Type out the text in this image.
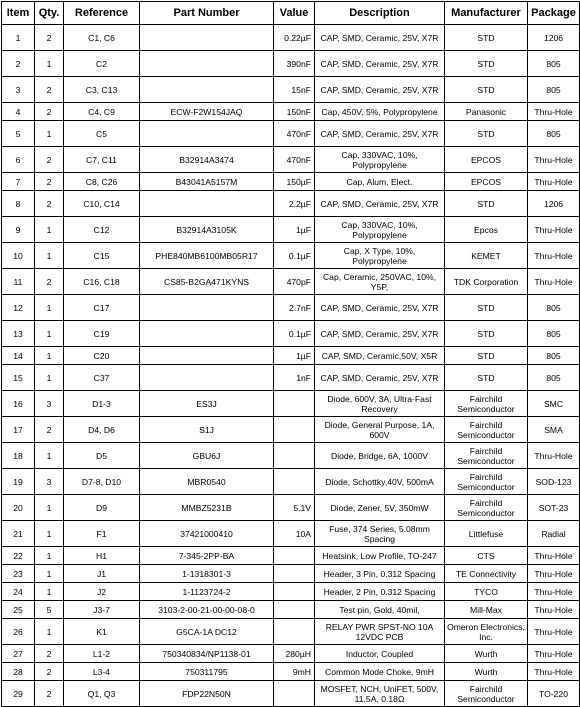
Item	Qty.	Reference	Part Number	Value	Description	Manufacturer	Package
1	2	C1, C6		0.22µF	CAP, SMD, Ceramic, 25V, X7R	STD	1206
2	1	C2		390nF	CAP, SMD, Ceramic, 25V, X7R	STD	805
3	2	C3, C13		15nF	CAP, SMD, Ceramic, 25V, X7R	STD	805
4	2	C4, C9	ECW-F2W154JAQ	150nF	Cap, 450V, 5%, Polypropylene	Panasonic	Thru-Hole
5	1	C5		470nF	CAP, SMD, Ceramic, 25V, X7R	STD	805
6	2	C7, C11	B32914A3474	470nF	Cap, 330VAC, 10%, Polypropylene	EPCOS	Thru-Hole
7	2	C8, C26	B43041A5157M	150µF	Cap, Alum, Elect.	EPCOS	Thru-Hole
8	2	C10, C14		2.2µF	CAP, SMD, Ceramic, 25V, X7R	STD	1206
9	1	C12	B32914A3105K	1µF	Cap, 330VAC, 10%, Polypropylene	Epcos	Thru-Hole
10	1	C15	PHE840MB6100MB05R17	0.1µF	Cap, X Type, 10%, Polypropylene	KEMET	Thru-Hole
11	2	C16, C18	CS85-B2GA471KYNS	470pF	Cap, Ceramic, 250VAC, 10%, Y5P,	TDK Corporation	Thru-Hole
12	1	C17		2.7nF	CAP, SMD, Ceramic, 25V, X7R	STD	805
13	1	C19		0.1µF	CAP, SMD, Ceramic, 25V, X7R	STD	805
14	1	C20		1µF	CAP, SMD, Ceramic,50V, X5R	STD	805
15	1	C37		1nF	CAP, SMD, Ceramic, 25V, X7R	STD	805
16	3	D1-3	ES3J		Diode, 600V, 3A, Ultra-Fast Recovery	Fairchild Semiconductor	SMC
17	2	D4, D6	S1J		Diode, General Purpose, 1A, 600V	Fairchild Semiconductor	SMA
18	1	D5	GBU6J		Diode, Bridge, 6A, 1000V	Fairchild Semiconductor	Thru-Hole
19	3	D7-8, D10	MBR0540		Diode, Schottky,40V, 500mA	Fairchild Semiconductor	SOD-123
20	1	D9	MMBZ5231B	5.1V	Diode, Zener, 5V, 350mW	Fairchild Semiconductor	SOT-23
21	1	F1	37421000410	10A	Fuse, 374 Series, 5.08mm Spacing	Littlefuse	Radial
22	1	H1	7-345-2PP-BA		Heatsink, Low Profile, TO-247	CTS	Thru-Hole
23	1	J1	1-1318301-3		Header, 3 Pin, 0.312 Spacing	TE Connectivity	Thru-Hole
24	1	J2	1-1123724-2		Header, 2 Pin, 0.312 Spacing	TYCO	Thru-Hole
25	5	J3-7	3103-2-00-21-00-00-08-0		Test pin, Gold, 40mil,	Mill-Max	Thru-Hole
26	1	K1	G5CA-1A DC12		RELAY PWR SPST-NO 10A 12VDC PCB	Omeron Electronics, Inc.	Thru-Hole
27	2	L1-2	750340834/NP1138-01	280µH	Inductor, Coupled	Wurth	Thru-Hole
28	2	L3-4	750311795	9mH	Common Mode Choke, 9mH	Wurth	Thru-Hole
29	2	Q1, Q3	FDP22N50N		MOSFET, NCH, UniFET, 500V, 11.5A, 0.18Ω	Fairchild Semiconductor	TO-220
